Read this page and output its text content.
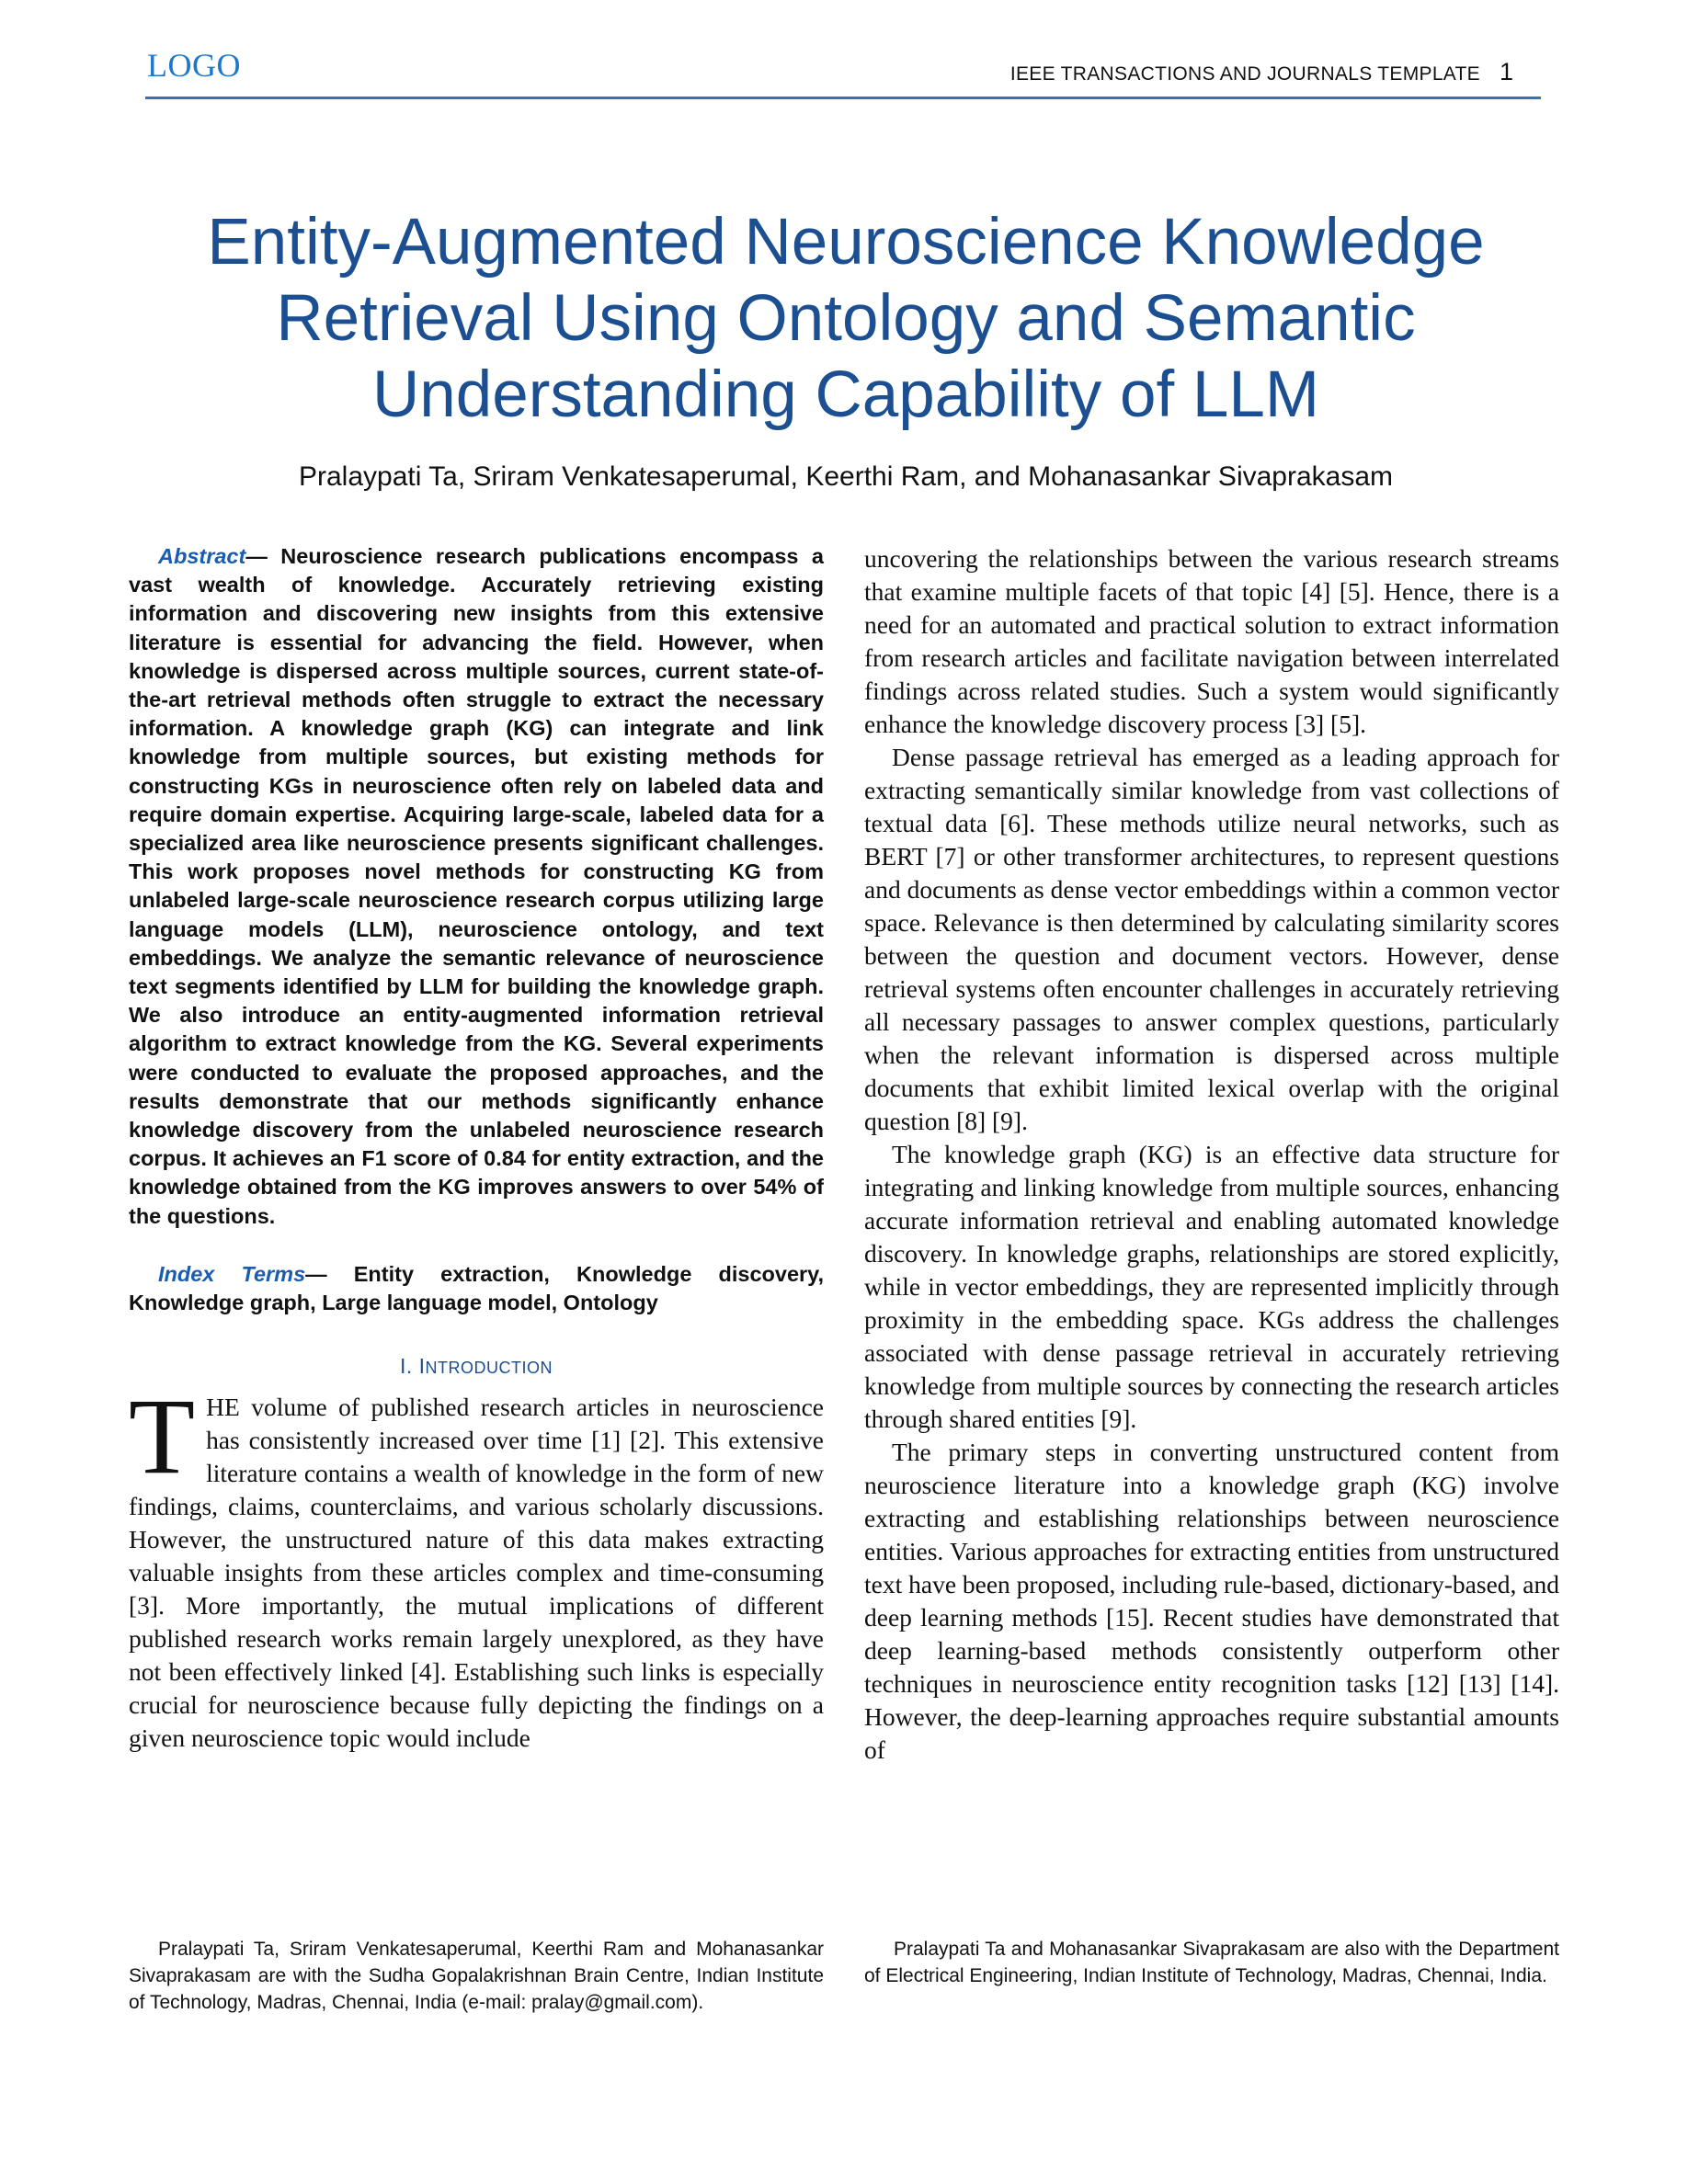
LOGO	IEEE TRANSACTIONS AND JOURNALS TEMPLATE 1
Entity-Augmented Neuroscience Knowledge Retrieval Using Ontology and Semantic Understanding Capability of LLM
Pralaypati Ta, Sriram Venkatesaperumal, Keerthi Ram, and Mohanasankar Sivaprakasam

Abstract— Neuroscience research publications encompass a vast wealth of knowledge. Accurately retrieving existing information and discovering new insights from this extensive literature is essential for advancing the field. However, when knowledge is dispersed across multiple sources, current state-of-the-art retrieval methods often struggle to extract the necessary information. A knowledge graph (KG) can integrate and link knowledge from multiple sources, but existing methods for constructing KGs in neuroscience often rely on labeled data and require domain expertise. Acquiring large-scale, labeled data for a specialized area like neuroscience presents significant challenges. This work proposes novel methods for constructing KG from unlabeled large-scale neuroscience research corpus utilizing large language models (LLM), neuroscience ontology, and text embeddings. We analyze the semantic relevance of neuroscience text segments identified by LLM for building the knowledge graph. We also introduce an entity-augmented information retrieval algorithm to extract knowledge from the KG. Several experiments were conducted to evaluate the proposed approaches, and the results demonstrate that our methods significantly enhance knowledge discovery from the unlabeled neuroscience research corpus. It achieves an F1 score of 0.84 for entity extraction, and the knowledge obtained from the KG improves answers to over 54% of the questions.

Index Terms— Entity extraction, Knowledge discovery, Knowledge graph, Large language model, Ontology

I. INTRODUCTION

THE volume of published research articles in neuroscience has consistently increased over time [1] [2]. This extensive literature contains a wealth of knowledge in the form of new findings, claims, counterclaims, and various scholarly discussions. However, the unstructured nature of this data makes extracting valuable insights from these articles complex and time-consuming [3]. More importantly, the mutual implications of different published research works remain largely unexplored, as they have not been effectively linked [4]. Establishing such links is especially crucial for neuroscience because fully depicting the findings on a given neuroscience topic would include

uncovering the relationships between the various research streams that examine multiple facets of that topic [4] [5]. Hence, there is a need for an automated and practical solution to extract information from research articles and facilitate navigation between interrelated findings across related studies. Such a system would significantly enhance the knowledge discovery process [3] [5].

Dense passage retrieval has emerged as a leading approach for extracting semantically similar knowledge from vast collections of textual data [6]. These methods utilize neural networks, such as BERT [7] or other transformer architectures, to represent questions and documents as dense vector embeddings within a common vector space. Relevance is then determined by calculating similarity scores between the question and document vectors. However, dense retrieval systems often encounter challenges in accurately retrieving all necessary passages to answer complex questions, particularly when the relevant information is dispersed across multiple documents that exhibit limited lexical overlap with the original question [8] [9].

The knowledge graph (KG) is an effective data structure for integrating and linking knowledge from multiple sources, enhancing accurate information retrieval and enabling automated knowledge discovery. In knowledge graphs, relationships are stored explicitly, while in vector embeddings, they are represented implicitly through proximity in the embedding space. KGs address the challenges associated with dense passage retrieval in accurately retrieving knowledge from multiple sources by connecting the research articles through shared entities [9].

The primary steps in converting unstructured content from neuroscience literature into a knowledge graph (KG) involve extracting and establishing relationships between neuroscience entities. Various approaches for extracting entities from unstructured text have been proposed, including rule-based, dictionary-based, and deep learning methods [15]. Recent studies have demonstrated that deep learning-based methods consistently outperform other techniques in neuroscience entity recognition tasks [12] [13] [14]. However, the deep-learning approaches require substantial amounts of

Pralaypati Ta, Sriram Venkatesaperumal, Keerthi Ram and Mohanasankar Sivaprakasam are with the Sudha Gopalakrishnan Brain Centre, Indian Institute of Technology, Madras, Chennai, India (e-mail: pralay@gmail.com).
Pralaypati Ta and Mohanasankar Sivaprakasam are also with the Department of Electrical Engineering, Indian Institute of Technology, Madras, Chennai, India.
